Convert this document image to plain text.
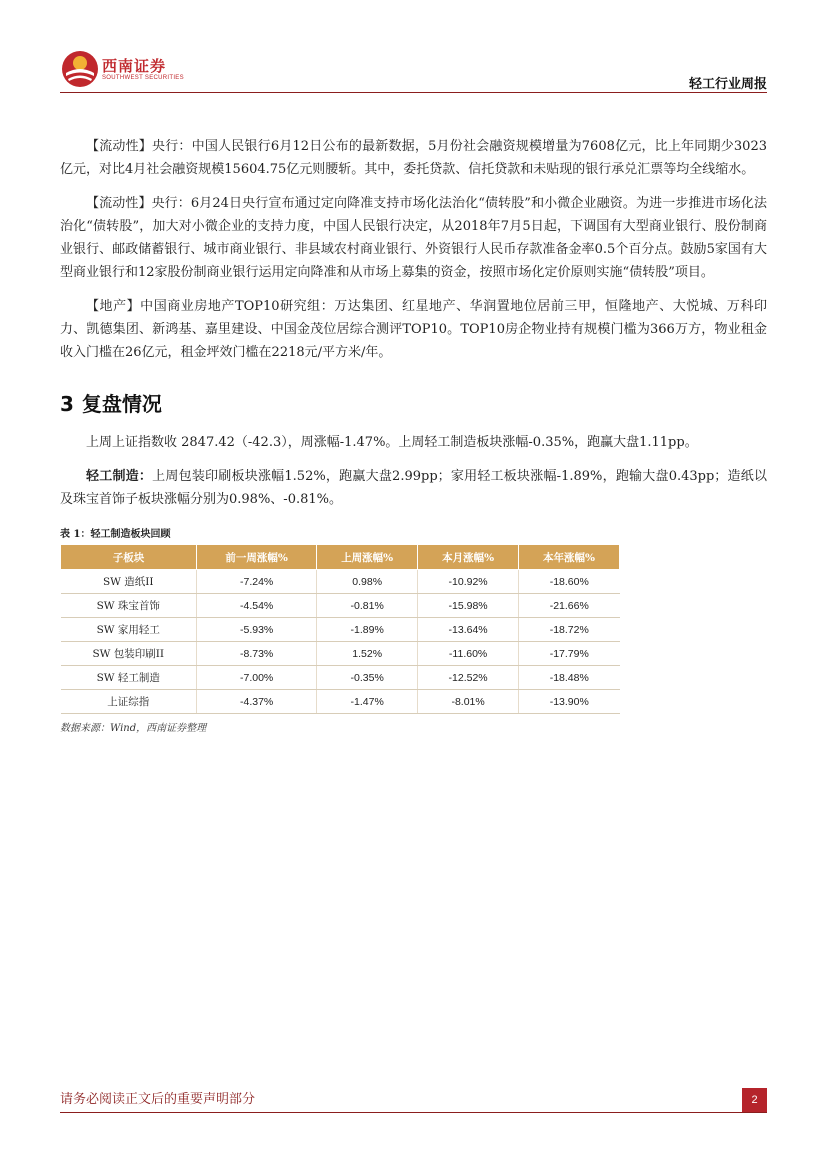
西南证券
SOUTHWEST SECURITIES	轻工行业周报

【流动性】央行：中国人民银行6月12日公布的最新数据，5月份社会融资规模增量为7608亿元，比上年同期少3023亿元，对比4月社会融资规模15604.75亿元则腰斩。其中，委托贷款、信托贷款和未贴现的银行承兑汇票等均全线缩水。

【流动性】央行：6月24日央行宣布通过定向降准支持市场化法治化“债转股”和小微企业融资。为进一步推进市场化法治化“债转股”，加大对小微企业的支持力度，中国人民银行决定，从2018年7月5日起，下调国有大型商业银行、股份制商业银行、邮政储蓄银行、城市商业银行、非县域农村商业银行、外资银行人民币存款准备金率0.5个百分点。鼓励5家国有大型商业银行和12家股份制商业银行运用定向降准和从市场上募集的资金，按照市场化定价原则实施“债转股”项目。

【地产】中国商业房地产TOP10研究组：万达集团、红星地产、华润置地位居前三甲，恒隆地产、大悦城、万科印力、凯德集团、新鸿基、嘉里建设、中国金茂位居综合测评TOP10。TOP10房企物业持有规模门槛为366万方，物业租金收入门槛在26亿元，租金坪效门槛在2218元/平方米/年。

3 复盘情况

上周上证指数收 2847.42（-42.3），周涨幅-1.47%。上周轻工制造板块涨幅-0.35%，跑赢大盘1.11pp。

轻工制造：上周包装印刷板块涨幅1.52%，跑赢大盘2.99pp；家用轻工板块涨幅-1.89%，跑输大盘0.43pp；造纸以及珠宝首饰子板块涨幅分别为0.98%、-0.81%。

表 1：轻工制造板块回顾
子板块	前一周涨幅%	上周涨幅%	本月涨幅%	本年涨幅%
SW 造纸II	-7.24%	0.98%	-10.92%	-18.60%
SW 珠宝首饰	-4.54%	-0.81%	-15.98%	-21.66%
SW 家用轻工	-5.93%	-1.89%	-13.64%	-18.72%
SW 包装印刷II	-8.73%	1.52%	-11.60%	-17.79%
SW 轻工制造	-7.00%	-0.35%	-12.52%	-18.48%
上证综指	-4.37%	-1.47%	-8.01%	-13.90%
数据来源：Wind，西南证券整理
请务必阅读正文后的重要声明部分	2
